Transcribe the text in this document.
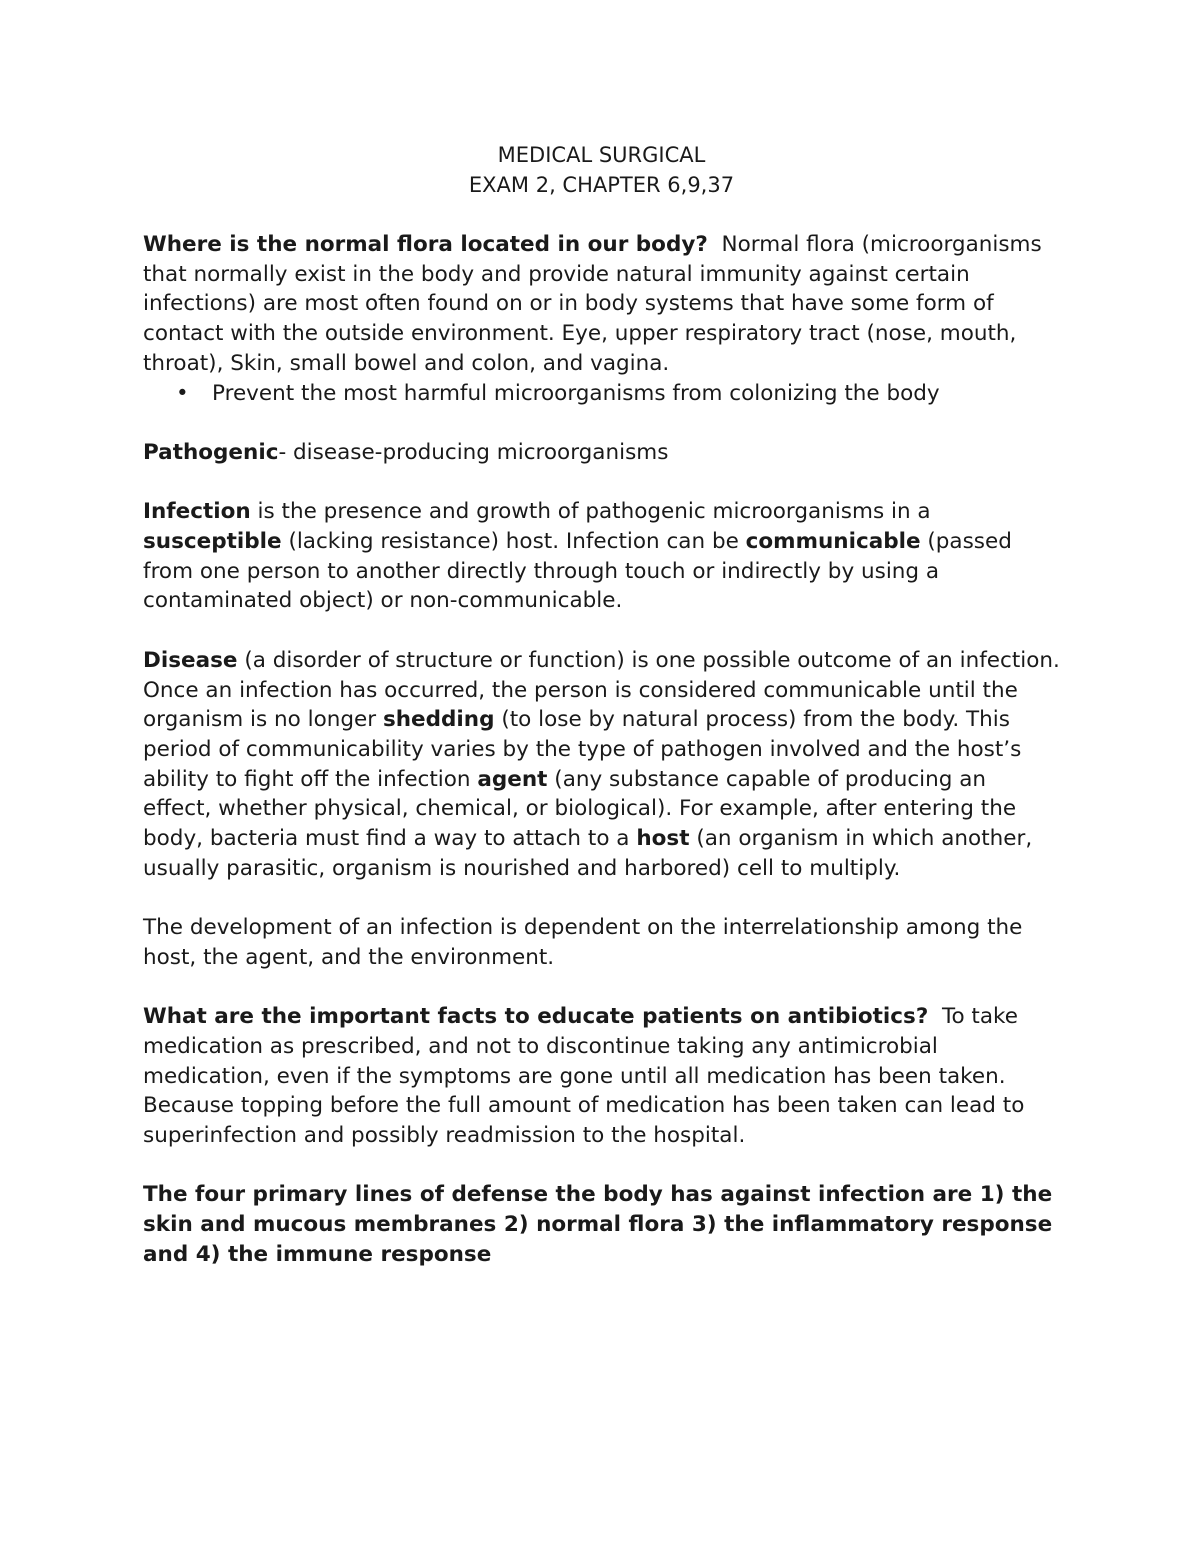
MEDICAL SURGICAL
EXAM 2, CHAPTER 6,9,37

Where is the normal flora located in our body? Normal flora (microorganisms that normally exist in the body and provide natural immunity against certain infections) are most often found on or in body systems that have some form of contact with the outside environment. Eye, upper respiratory tract (nose, mouth, throat), Skin, small bowel and colon, and vagina.

• Prevent the most harmful microorganisms from colonizing the body

Pathogenic- disease-producing microorganisms

Infection is the presence and growth of pathogenic microorganisms in a susceptible (lacking resistance) host. Infection can be communicable (passed from one person to another directly through touch or indirectly by using a contaminated object) or non-communicable.

Disease (a disorder of structure or function) is one possible outcome of an infection. Once an infection has occurred, the person is considered communicable until the organism is no longer shedding (to lose by natural process) from the body. This period of communicability varies by the type of pathogen involved and the host’s ability to fight off the infection agent (any substance capable of producing an effect, whether physical, chemical, or biological). For example, after entering the body, bacteria must find a way to attach to a host (an organism in which another, usually parasitic, organism is nourished and harbored) cell to multiply.

The development of an infection is dependent on the interrelationship among the host, the agent, and the environment.

What are the important facts to educate patients on antibiotics? To take medication as prescribed, and not to discontinue taking any antimicrobial medication, even if the symptoms are gone until all medication has been taken. Because topping before the full amount of medication has been taken can lead to superinfection and possibly readmission to the hospital.

The four primary lines of defense the body has against infection are 1) the skin and mucous membranes 2) normal flora 3) the inflammatory response and 4) the immune response
